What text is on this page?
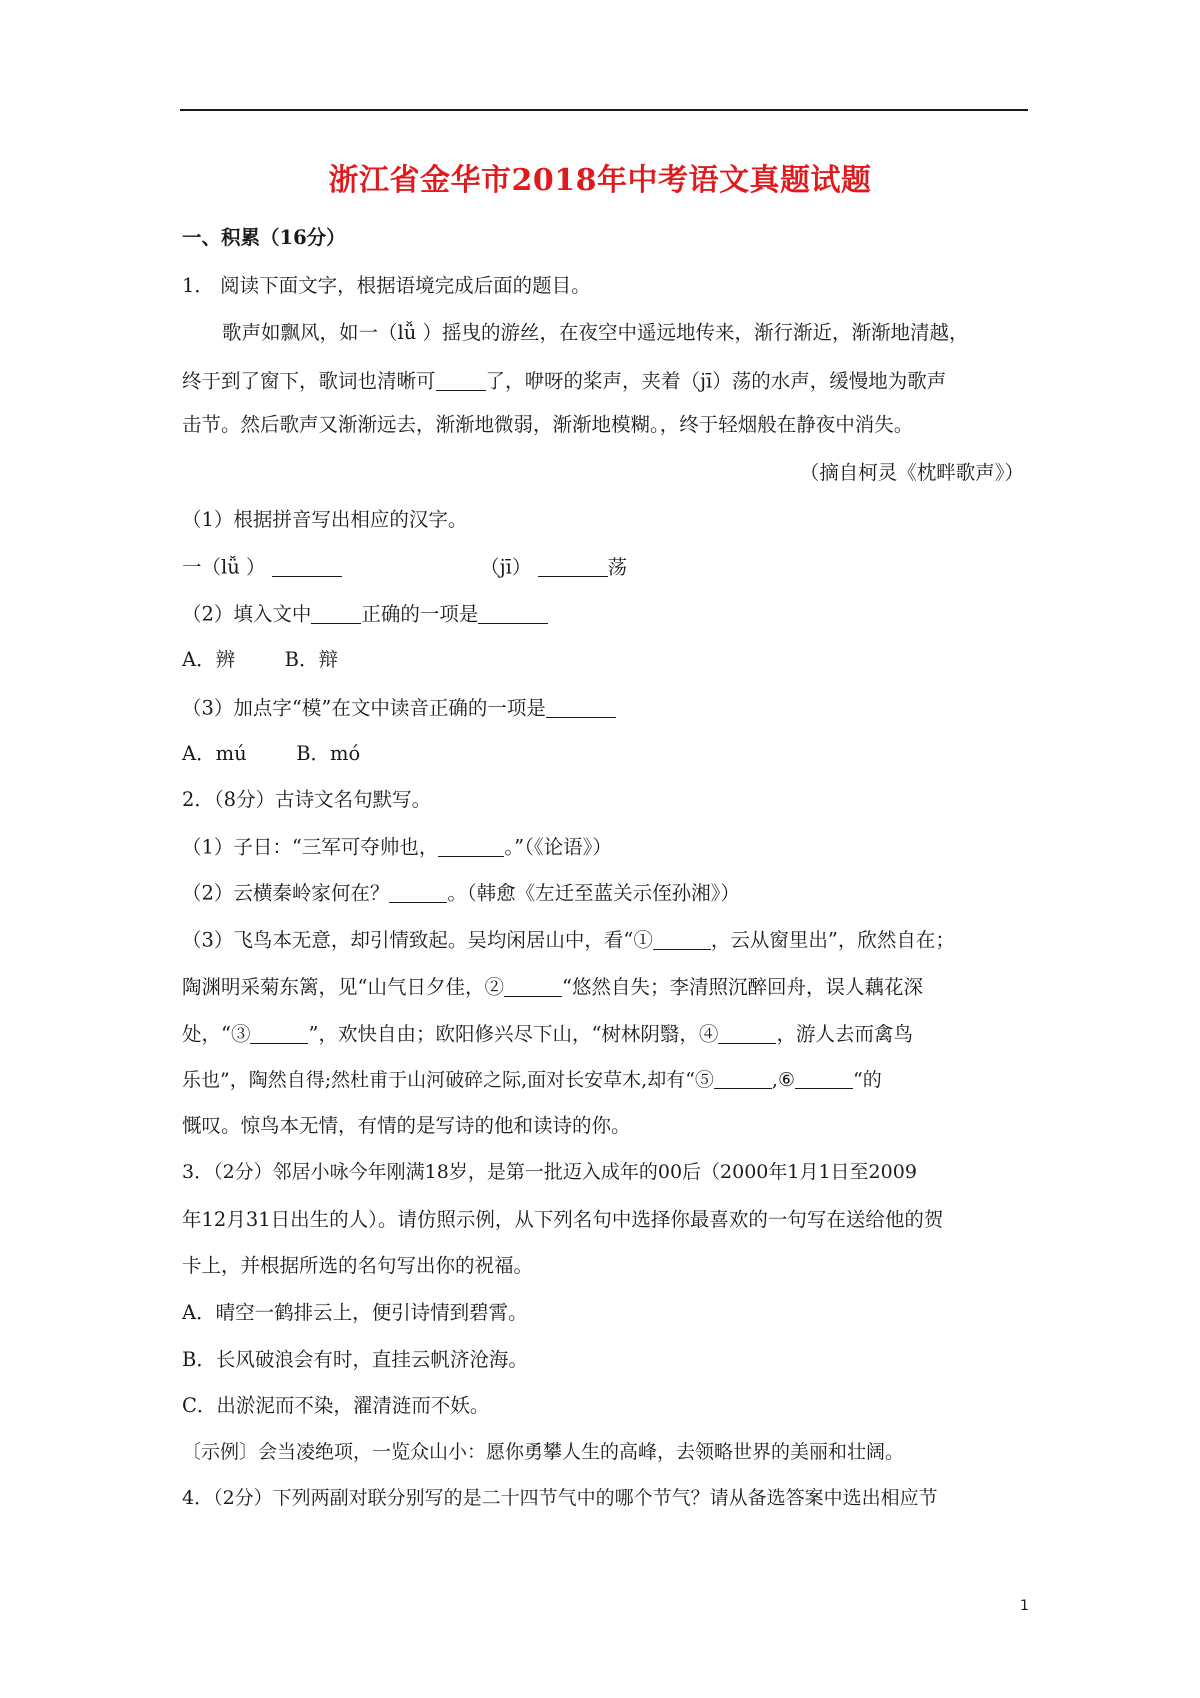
浙江省金华市2018年中考语文真题试题
一、积累（16分）
1． 阅读下面文字，根据语境完成后面的题目。
歌声如飘风，如一（lǚ ）摇曳的游丝，在夜空中遥远地传来，渐行渐近，渐渐地清越，
终于到了窗下，歌词也清晰可	了，咿呀的桨声，夹着（jī）荡的水声，缓慢地为歌声
击节。然后歌声又渐渐远去，渐渐地微弱，渐渐地模糊。，终于轻烟般在静夜中消失。
（摘自柯灵《枕畔歌声》）
（1）根据拼音写出相应的汉字。
一（lǚ ）	（jī）	荡
（2）填入文中	正确的一项是
A．辨        B．辩
（3）加点字“模”在文中读音正确的一项是
A．mú        B．mó
2．（8分）古诗文名句默写。
（1）子日：“三军可夺帅也，	。”（《论语》）
（2）云横秦岭家何在？	。（韩愈《左迁至蓝关示侄孙湘》）
（3）飞鸟本无意，却引情致起。吴均闲居山中，看“①	，云从窗里出”，欣然自在；
陶渊明采菊东篱，见“山气日夕佳，②	“悠然自失；李清照沉醉回舟，误人藕花深
处，“③	”，欢快自由；欧阳修兴尽下山，“树林阴翳，④	，游人去而禽鸟
乐也”，陶然自得;然杜甫于山河破碎之际,面对长安草木,却有“⑤	,⑥	“的
慨叹。惊鸟本无情，有情的是写诗的他和读诗的你。
3．（2分）邻居小咏今年刚满18岁，是第一批迈入成年的00后（2000年1月1日至2009
年12月31日出生的人）。请仿照示例，从下列名句中选择你最喜欢的一句写在送给他的贺
卡上，并根据所选的名句写出你的祝福。
A．晴空一鹤排云上，便引诗情到碧霄。
B．长风破浪会有时，直挂云帆济沧海。
C．出淤泥而不染，濯清涟而不妖。
〔示例〕会当凌绝项，一览众山小：愿你勇攀人生的高峰，去领略世界的美丽和壮阔。
4．（2分）下列两副对联分别写的是二十四节气中的哪个节气？请从备选答案中选出相应节
1
